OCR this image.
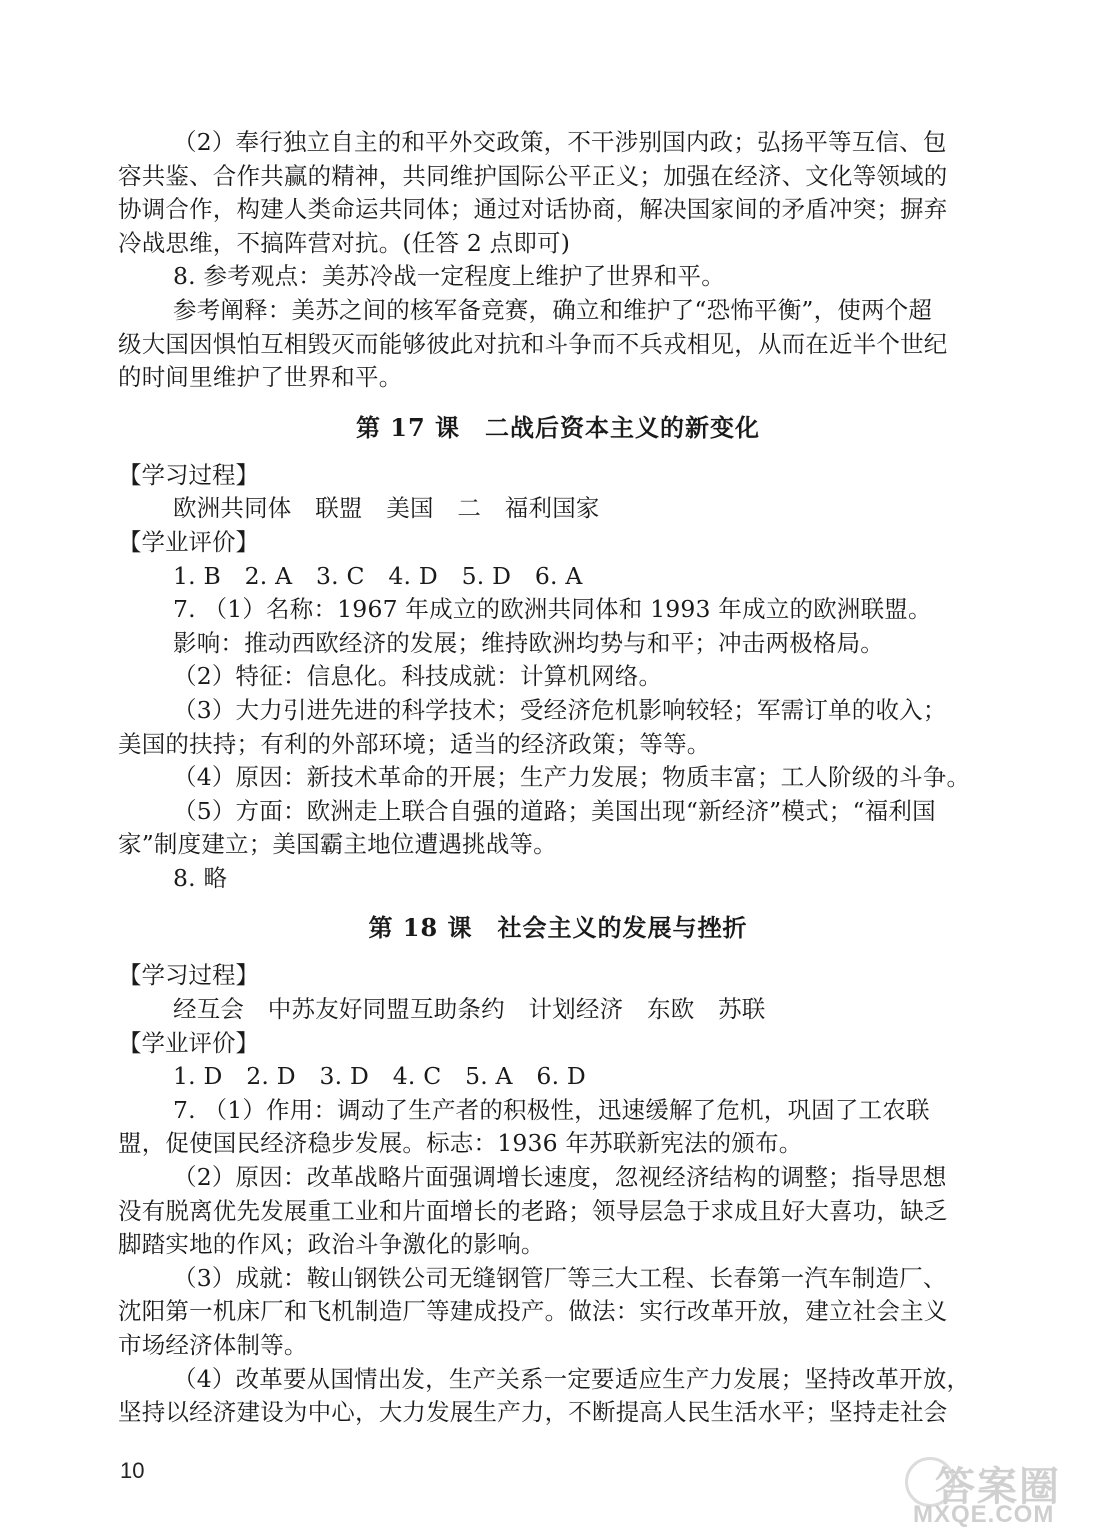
（2）奉行独立自主的和平外交政策，不干涉别国内政；弘扬平等互信、包
容共鉴、合作共赢的精神，共同维护国际公平正义；加强在经济、文化等领域的
协调合作，构建人类命运共同体；通过对话协商，解决国家间的矛盾冲突；摒弃
冷战思维，不搞阵营对抗。(任答 2 点即可)
8. 参考观点：美苏冷战一定程度上维护了世界和平。
参考阐释：美苏之间的核军备竞赛，确立和维护了“恐怖平衡”，使两个超
级大国因惧怕互相毁灭而能够彼此对抗和斗争而不兵戎相见，从而在近半个世纪
的时间里维护了世界和平。
第 17 课　二战后资本主义的新变化
【学习过程】
欧洲共同体　联盟　美国　二　福利国家
【学业评价】
1. B　2. A　3. C　4. D　5. D　6. A
7. （1）名称：1967 年成立的欧洲共同体和 1993 年成立的欧洲联盟。
影响：推动西欧经济的发展；维持欧洲均势与和平；冲击两极格局。
（2）特征：信息化。科技成就：计算机网络。
（3）大力引进先进的科学技术；受经济危机影响较轻；军需订单的收入；
美国的扶持；有利的外部环境；适当的经济政策；等等。
（4）原因：新技术革命的开展；生产力发展；物质丰富；工人阶级的斗争。
（5）方面：欧洲走上联合自强的道路；美国出现“新经济”模式；“福利国
家”制度建立；美国霸主地位遭遇挑战等。
8. 略
第 18 课　社会主义的发展与挫折
【学习过程】
经互会　中苏友好同盟互助条约　计划经济　东欧　苏联
【学业评价】
1. D　2. D　3. D　4. C　5. A　6. D
7. （1）作用：调动了生产者的积极性，迅速缓解了危机，巩固了工农联
盟，促使国民经济稳步发展。标志：1936 年苏联新宪法的颁布。
（2）原因：改革战略片面强调增长速度，忽视经济结构的调整；指导思想
没有脱离优先发展重工业和片面增长的老路；领导层急于求成且好大喜功，缺乏
脚踏实地的作风；政治斗争激化的影响。
（3）成就：鞍山钢铁公司无缝钢管厂等三大工程、长春第一汽车制造厂、
沈阳第一机床厂和飞机制造厂等建成投产。做法：实行改革开放，建立社会主义
市场经济体制等。
（4）改革要从国情出发，生产关系一定要适应生产力发展；坚持改革开放，
坚持以经济建设为中心，大力发展生产力，不断提高人民生活水平；坚持走社会
10	答案圈
MXQE.COM
